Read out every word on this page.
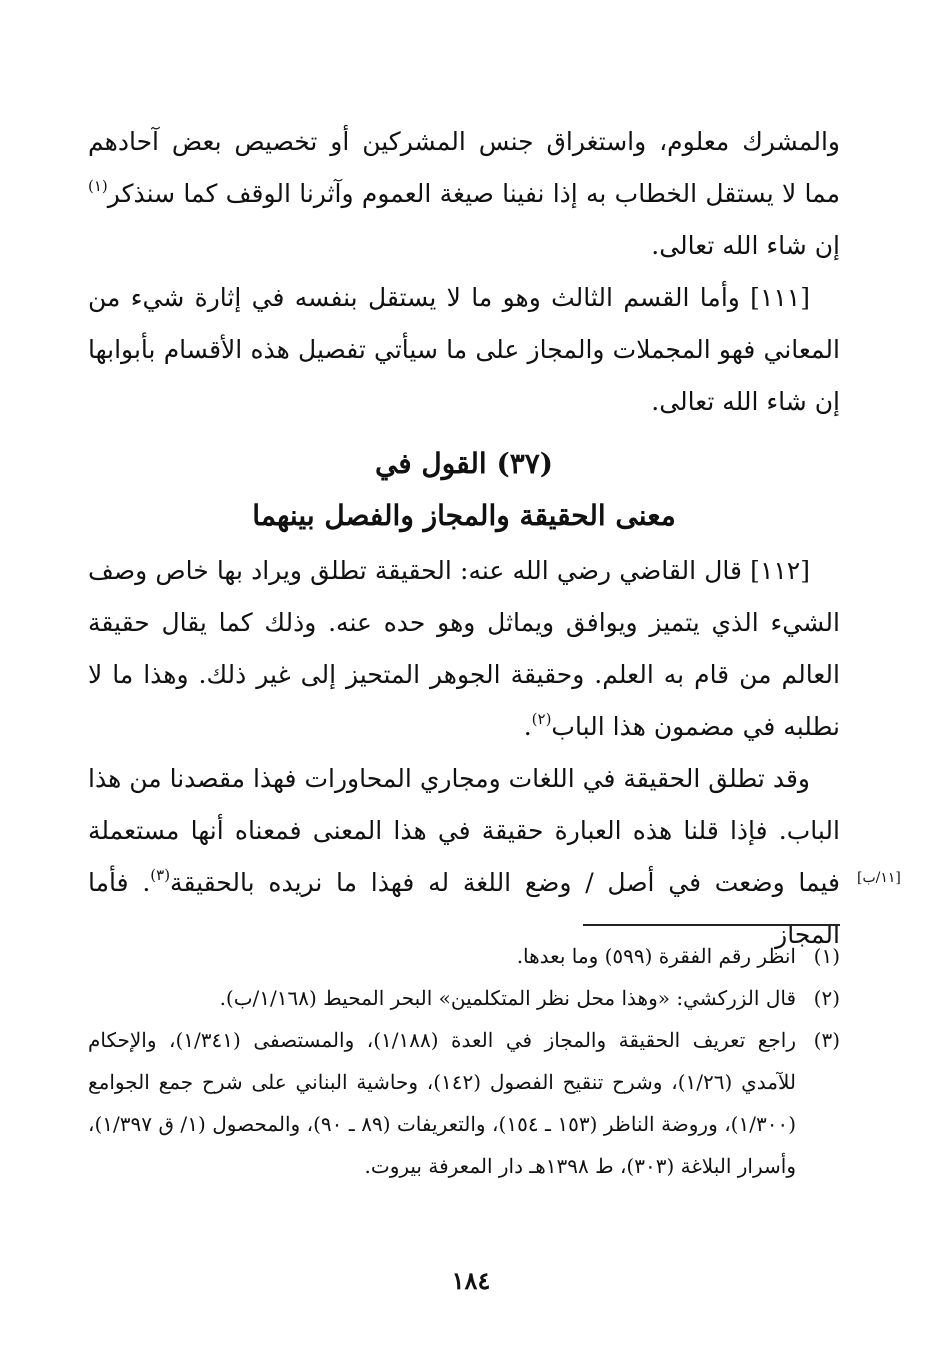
والمشرك معلوم، واستغراق جنس المشركين أو تخصيص بعض آحادهم مما لا يستقل الخطاب به إذا نفينا صيغة العموم وآثرنا الوقف كما سنذكر$^{(١)}$ إن شاء الله تعالى.
[١١١] وأما القسم الثالث وهو ما لا يستقل بنفسه في إثارة شيء من المعاني فهو المجملات والمجاز على ما سيأتي تفصيل هذه الأقسام بأبوابها إن شاء الله تعالى.
(٣٧) القول في
معنى الحقيقة والمجاز والفصل بينهما
[١١٢] قال القاضي رضي الله عنه: الحقيقة تطلق ويراد بها خاص وصف الشيء الذي يتميز ويوافق ويماثل وهو حده عنه. وذلك كما يقال حقيقة العالم من قام به العلم. وحقيقة الجوهر المتحيز إلى غير ذلك. وهذا ما لا نطلبه في مضمون هذا الباب$^{(٢)}$.
وقد تطلق الحقيقة في اللغات ومجاري المحاورات فهذا مقصدنا من هذا الباب. فإذا قلنا هذه العبارة حقيقة في هذا المعنى فمعناه أنها مستعملة فيما وضعت في أصل / وضع اللغة له فهذا ما نريده بالحقيقة$^{(٣)}$. فأما المجاز
[١١/ب]
(١)
انظر رقم الفقرة (٥٩٩) وما بعدها.
(٢)
قال الزركشي: «وهذا محل نظر المتكلمين» البحر المحيط (١/١٦٨/ب).
(٣)
راجع تعريف الحقيقة والمجاز في العدة (١/١٨٨)، والمستصفى (١/٣٤١)، والإحكام للآمدي (١/٢٦)، وشرح تنقيح الفصول (١٤٢)، وحاشية البناني على شرح جمع الجوامع (١/٣٠٠)، وروضة الناظر (١٥٣ ـ ١٥٤)، والتعريفات (٨٩ ـ ٩٠)، والمحصول (١/ ق ١/٣٩٧)، وأسرار البلاغة (٣٠٣)، ط ١٣٩٨هـ دار المعرفة بيروت.
١٨٤
